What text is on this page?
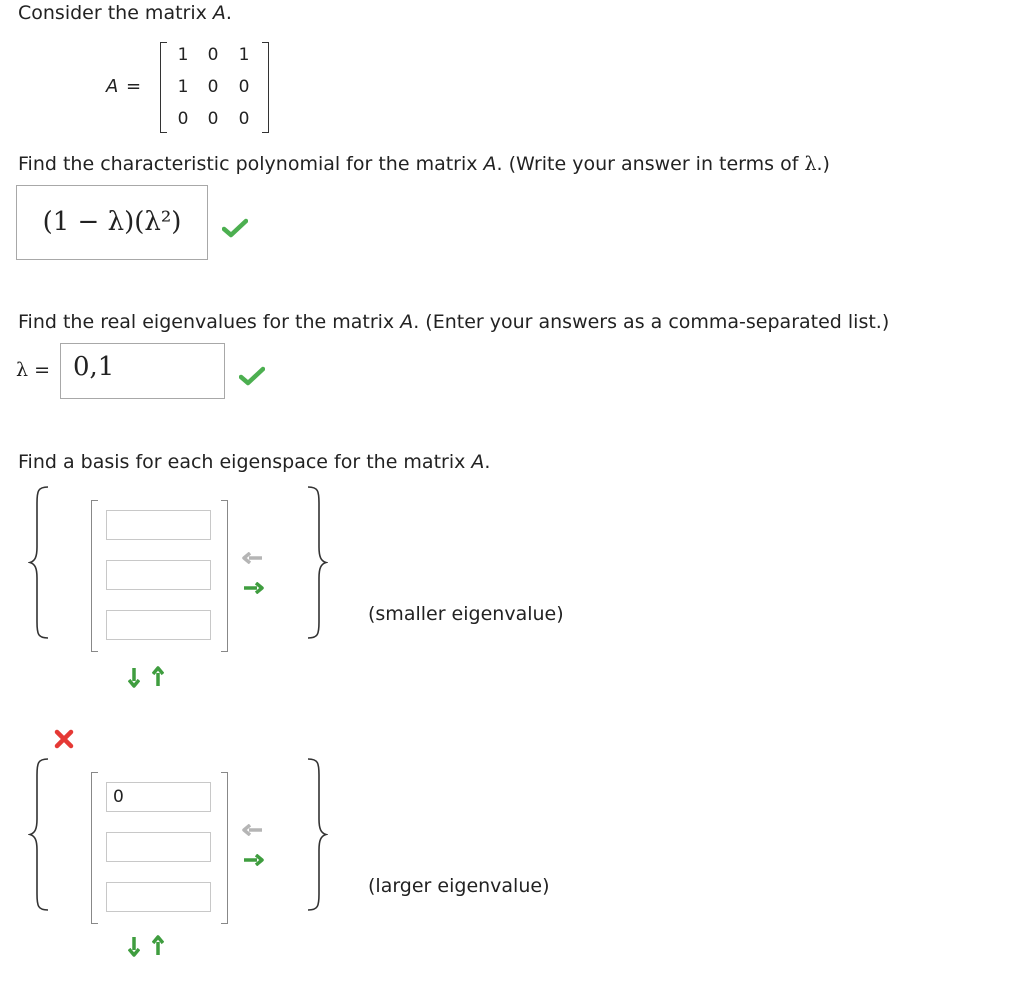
Consider the matrix A.
A =
1	0	1
1	0	0
0	0	0
Find the characteristic polynomial for the matrix A. (Write your answer in terms of λ.)
(1 − λ)(λ²)
Find the real eigenvalues for the matrix A. (Enter your answers as a comma-separated list.)
λ = 0,1
Find a basis for each eigenspace for the matrix A.
(smaller eigenvalue)
0
(larger eigenvalue)
